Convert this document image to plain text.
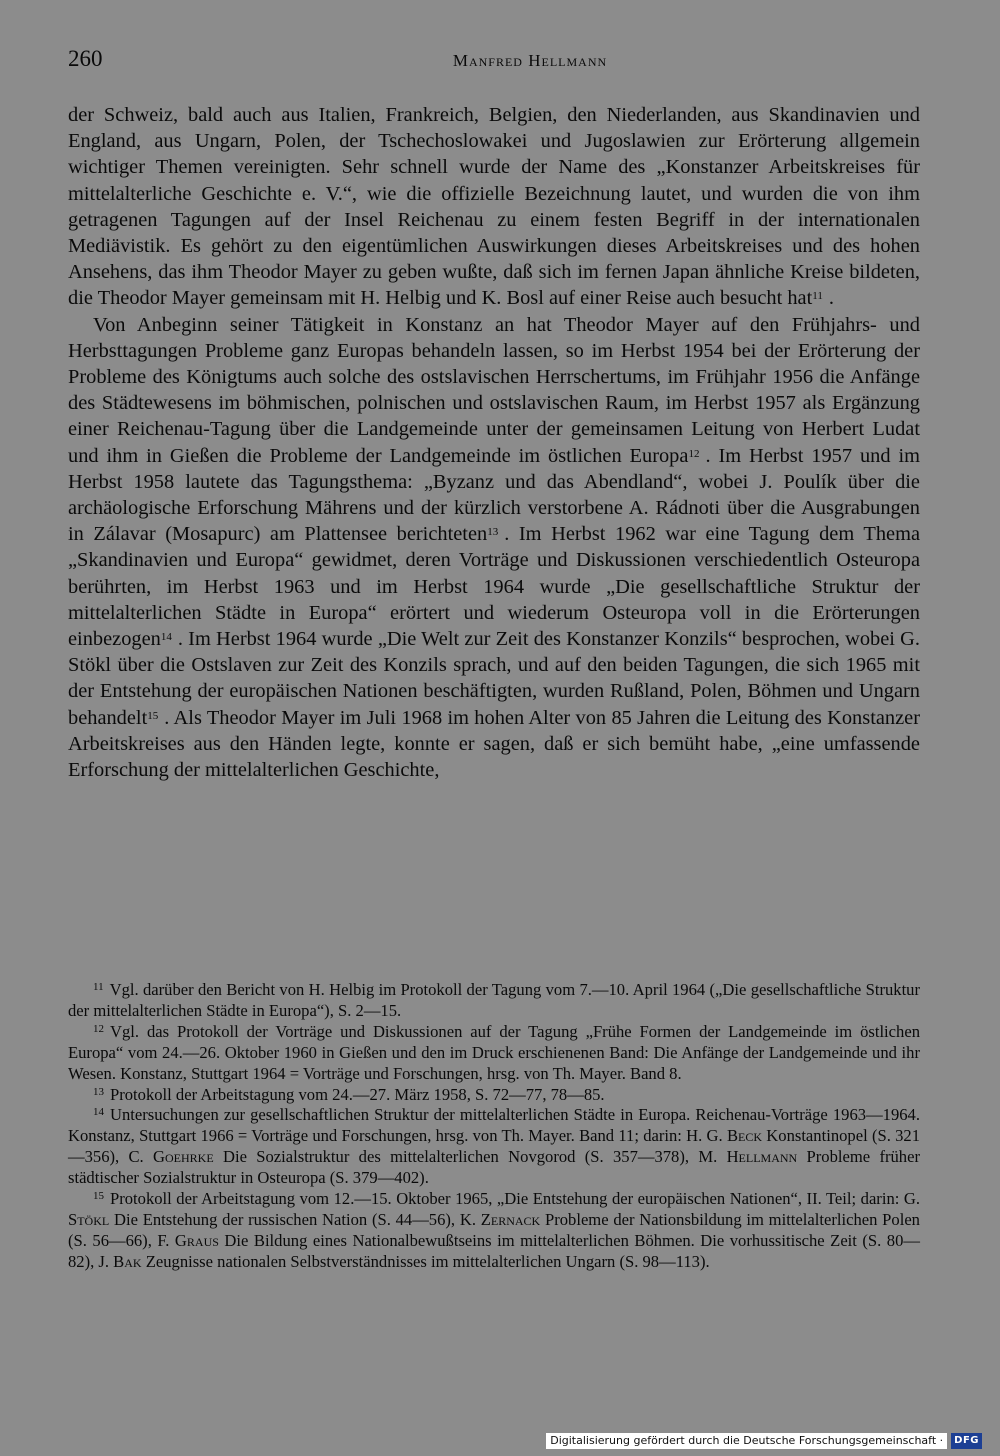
260	Manfred Hellmann

der Schweiz, bald auch aus Italien, Frankreich, Belgien, den Niederlanden, aus Skandinavien und England, aus Ungarn, Polen, der Tschechoslowakei und Jugoslawien zur Erörterung allgemein wichtiger Themen vereinigten. Sehr schnell wurde der Name des „Konstanzer Arbeitskreises für mittelalterliche Geschichte e. V.“, wie die offizielle Bezeichnung lautet, und wurden die von ihm getragenen Tagungen auf der Insel Reichenau zu einem festen Begriff in der internationalen Mediävistik. Es gehört zu den eigentümlichen Auswirkungen dieses Arbeitskreises und des hohen Ansehens, das ihm Theodor Mayer zu geben wußte, daß sich im fernen Japan ähnliche Kreise bildeten, die Theodor Mayer gemeinsam mit H. Helbig und K. Bosl auf einer Reise auch besucht hat$^{11}$ .

Von Anbeginn seiner Tätigkeit in Konstanz an hat Theodor Mayer auf den Frühjahrs- und Herbsttagungen Probleme ganz Europas behandeln lassen, so im Herbst 1954 bei der Erörterung der Probleme des Königtums auch solche des ostslavischen Herrschertums, im Frühjahr 1956 die Anfänge des Städtewesens im böhmischen, polnischen und ostslavischen Raum, im Herbst 1957 als Ergänzung einer Reichenau-Tagung über die Landgemeinde unter der gemeinsamen Leitung von Herbert Ludat und ihm in Gießen die Probleme der Landgemeinde im östlichen Europa$^{12}$ . Im Herbst 1957 und im Herbst 1958 lautete das Tagungsthema: „Byzanz und das Abendland“, wobei J. Poulík über die archäologische Erforschung Mährens und der kürzlich verstorbene A. Rádnoti über die Ausgrabungen in Zálavar (Mosapurc) am Plattensee berichteten$^{13}$ . Im Herbst 1962 war eine Tagung dem Thema „Skandinavien und Europa“ gewidmet, deren Vorträge und Diskussionen verschiedentlich Osteuropa berührten, im Herbst 1963 und im Herbst 1964 wurde „Die gesellschaftliche Struktur der mittelalterlichen Städte in Europa“ erörtert und wiederum Osteuropa voll in die Erörterungen einbezogen$^{14}$ . Im Herbst 1964 wurde „Die Welt zur Zeit des Konstanzer Konzils“ besprochen, wobei G. Stökl über die Ostslaven zur Zeit des Konzils sprach, und auf den beiden Tagungen, die sich 1965 mit der Entstehung der europäischen Nationen beschäftigten, wurden Rußland, Polen, Böhmen und Ungarn behandelt$^{15}$ . Als Theodor Mayer im Juli 1968 im hohen Alter von 85 Jahren die Leitung des Konstanzer Arbeitskreises aus den Händen legte, konnte er sagen, daß er sich bemüht habe, „eine umfassende Erforschung der mittelalterlichen Geschichte,

$^{11}$ Vgl. darüber den Bericht von H. Helbig im Protokoll der Tagung vom 7.—10. April 1964 („Die gesellschaftliche Struktur der mittelalterlichen Städte in Europa“), S. 2—15.

$^{12}$ Vgl. das Protokoll der Vorträge und Diskussionen auf der Tagung „Frühe Formen der Landgemeinde im östlichen Europa“ vom 24.—26. Oktober 1960 in Gießen und den im Druck erschienenen Band: Die Anfänge der Landgemeinde und ihr Wesen. Konstanz, Stuttgart 1964 = Vorträge und Forschungen, hrsg. von Th. Mayer. Band 8.

$^{13}$ Protokoll der Arbeitstagung vom 24.—27. März 1958, S. 72—77, 78—85.

$^{14}$ Untersuchungen zur gesellschaftlichen Struktur der mittelalterlichen Städte in Europa. Reichenau-Vorträge 1963—1964. Konstanz, Stuttgart 1966 = Vorträge und Forschungen, hrsg. von Th. Mayer. Band 11; darin: H. G. Beck Konstantinopel (S. 321—356), C. Goehrke Die Sozialstruktur des mittelalterlichen Novgorod (S. 357—378), M. Hellmann Probleme früher städtischer Sozialstruktur in Osteuropa (S. 379—402).

$^{15}$ Protokoll der Arbeitstagung vom 12.—15. Oktober 1965, „Die Entstehung der europäischen Nationen“, II. Teil; darin: G. Stökl Die Entstehung der russischen Nation (S. 44—56), K. Zernack Probleme der Nationsbildung im mittelalterlichen Polen (S. 56—66), F. Graus Die Bildung eines Nationalbewußtseins im mittelalterlichen Böhmen. Die vorhussitische Zeit (S. 80—82), J. Bak Zeugnisse nationalen Selbstverständnisses im mittelalterlichen Ungarn (S. 98—113).

Digitalisierung gefördert durch die Deutsche Forschungsgemeinschaft ·	DFG
